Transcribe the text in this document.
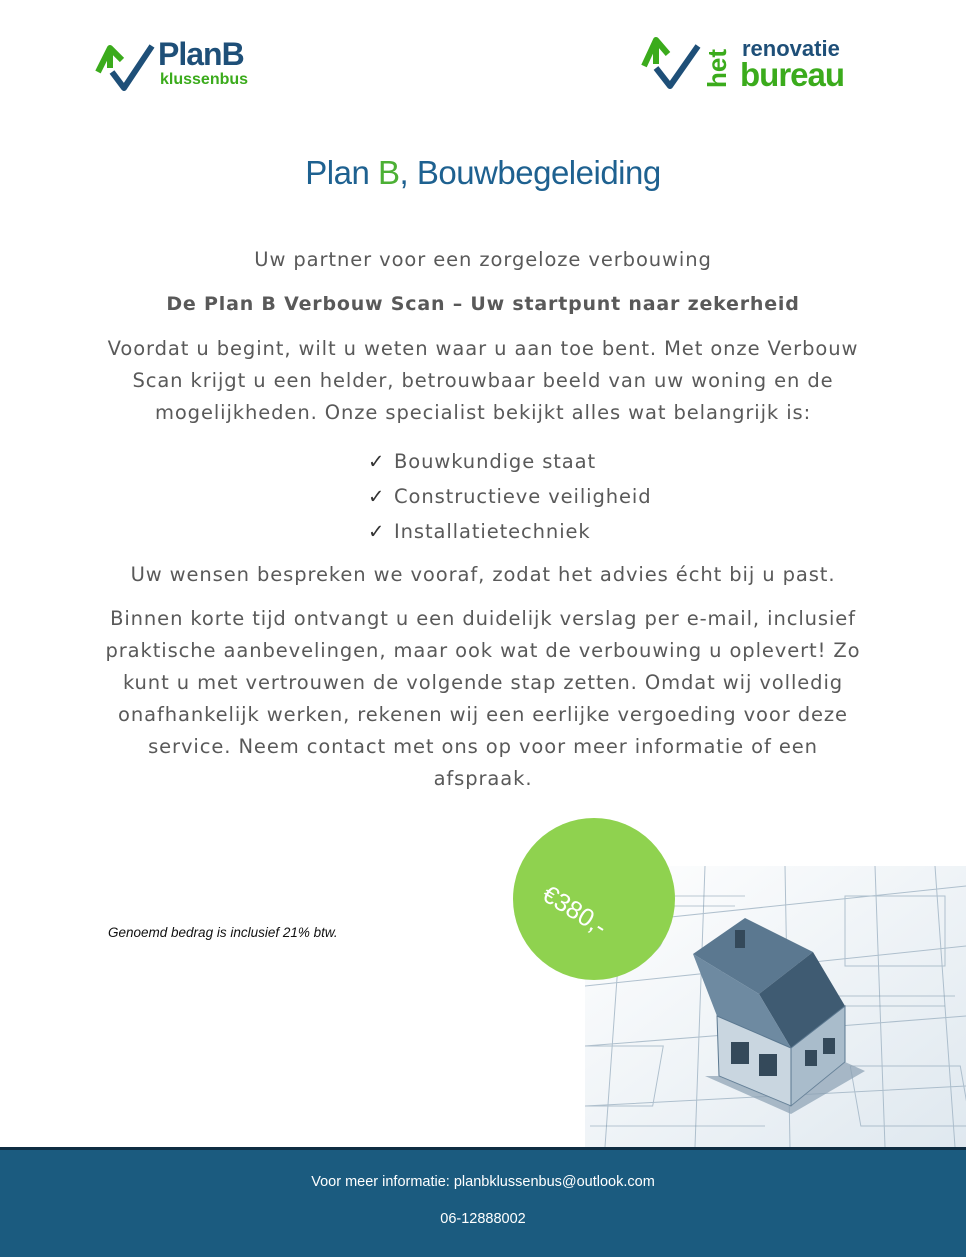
PlanB
klussenbus	het
renovatie
bureau
Plan B, Bouwbegeleiding
Uw partner voor een zorgeloze verbouwing
De Plan B Verbouw Scan – Uw startpunt naar zekerheid
Voordat u begint, wilt u weten waar u aan toe bent. Met onze Verbouw Scan krijgt u een helder, betrouwbaar beeld van uw woning en de mogelijkheden. Onze specialist bekijkt alles wat belangrijk is:
✓ Bouwkundige staat
✓ Constructieve veiligheid
✓ Installatietechniek
Uw wensen bespreken we vooraf, zodat het advies écht bij u past.
Binnen korte tijd ontvangt u een duidelijk verslag per e-mail, inclusief praktische aanbevelingen, maar ook wat de verbouwing u oplevert! Zo kunt u met vertrouwen de volgende stap zetten. Omdat wij volledig onafhankelijk werken, rekenen wij een eerlijke vergoeding voor deze service. Neem contact met ons op voor meer informatie of een afspraak.
Genoemd bedrag is inclusief 21% btw.	€380,-
Voor meer informatie: planbklussenbus@outlook.com
06-12888002
